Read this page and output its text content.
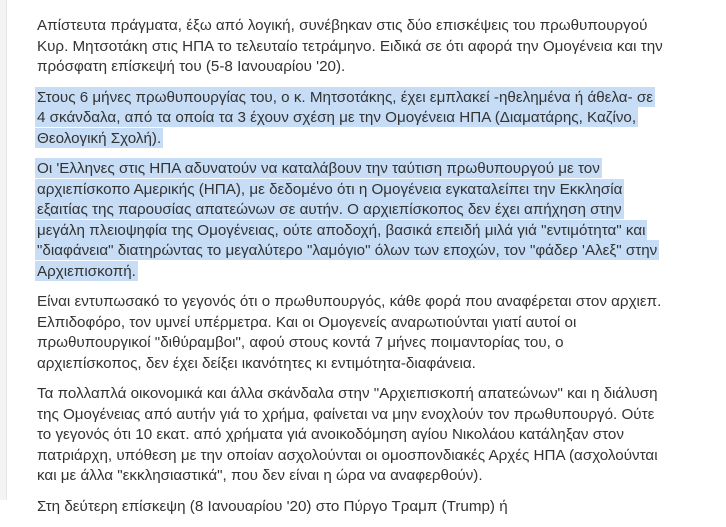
Απίστευτα πράγματα, έξω από λογική, συνέβηκαν στις δύο επισκέψεις του πρωθυπουργού
Κυρ. Μητσοτάκη στις ΗΠΑ το τελευταίο τετράμηνο. Ειδικά σε ότι αφορά την Ομογένεια και την
πρόσφατη επίσκεψή του (5-8 Ιανουαρίου '20).

Στους 6 μήνες πρωθυπουργίας του, ο κ. Μητσοτάκης, έχει εμπλακεί -ηθελημένα ή άθελα- σε
4 σκάνδαλα, από τα οποία τα 3 έχουν σχέση με την Ομογένεια ΗΠΑ (Διαματάρης, Καζίνο,
Θεολογική Σχολή).

Οι 'Ελληνες στις ΗΠΑ αδυνατούν να καταλάβουν την ταύτιση πρωθυπουργού με τον
αρχιεπίσκοπο Αμερικής (ΗΠΑ), με δεδομένο ότι η Ομογένεια εγκαταλείπει την Εκκλησία
εξαιτίας της παρουσίας απατεώνων σε αυτήν. Ο αρχιεπίσκοπος δεν έχει απήχηση στην
μεγάλη πλειοψηφία της Ομογένειας, ούτε αποδοχή, βασικά επειδή μιλά γιά "εντιμότητα" και
"διαφάνεια" διατηρώντας το μεγαλύτερο "λαμόγιο" όλων των εποχών, τον "φάδερ 'Αλεξ" στην
Αρχιεπισκοπή.

Είναι εντυπωσακό το γεγονός ότι ο πρωθυπουργός, κάθε φορά που αναφέρεται στον αρχιεπ.
Ελπιδοφόρο, τον υμνεί υπέρμετρα. Και οι Ομογενείς αναρωτιούνται γιατί αυτοί οι
πρωθυπουργικοί "διθύραμβοι", αφού στους κοντά 7 μήνες ποιμαντορίας του, ο
αρχιεπίσκοπος, δεν έχει δείξει ικανότητες κι εντιμότητα-διαφάνεια.

Τα πολλαπλά οικονομικά και άλλα σκάνδαλα στην "Αρχιεπισκοπή απατεώνων" και η διάλυση
της Ομογένειας από αυτήν γιά το χρήμα, φαίνεται να μην ενοχλούν τον πρωθυπουργό. Ούτε
το γεγονός ότι 10 εκατ. από χρήματα γιά ανοικοδόμηση αγίου Νικολάου κατάληξαν στον
πατριάρχη, υπόθεση με την οποίαν ασχολούνται οι ομοσπονδιακές Αρχές ΗΠΑ (ασχολούνται
και με άλλα "εκκλησιαστικά", που δεν είναι η ώρα να αναφερθούν).

Στη δεύτερη επίσκεψη (8 Ιανουαρίου '20) στο Πύργο Τραμπ (Trump) ή
